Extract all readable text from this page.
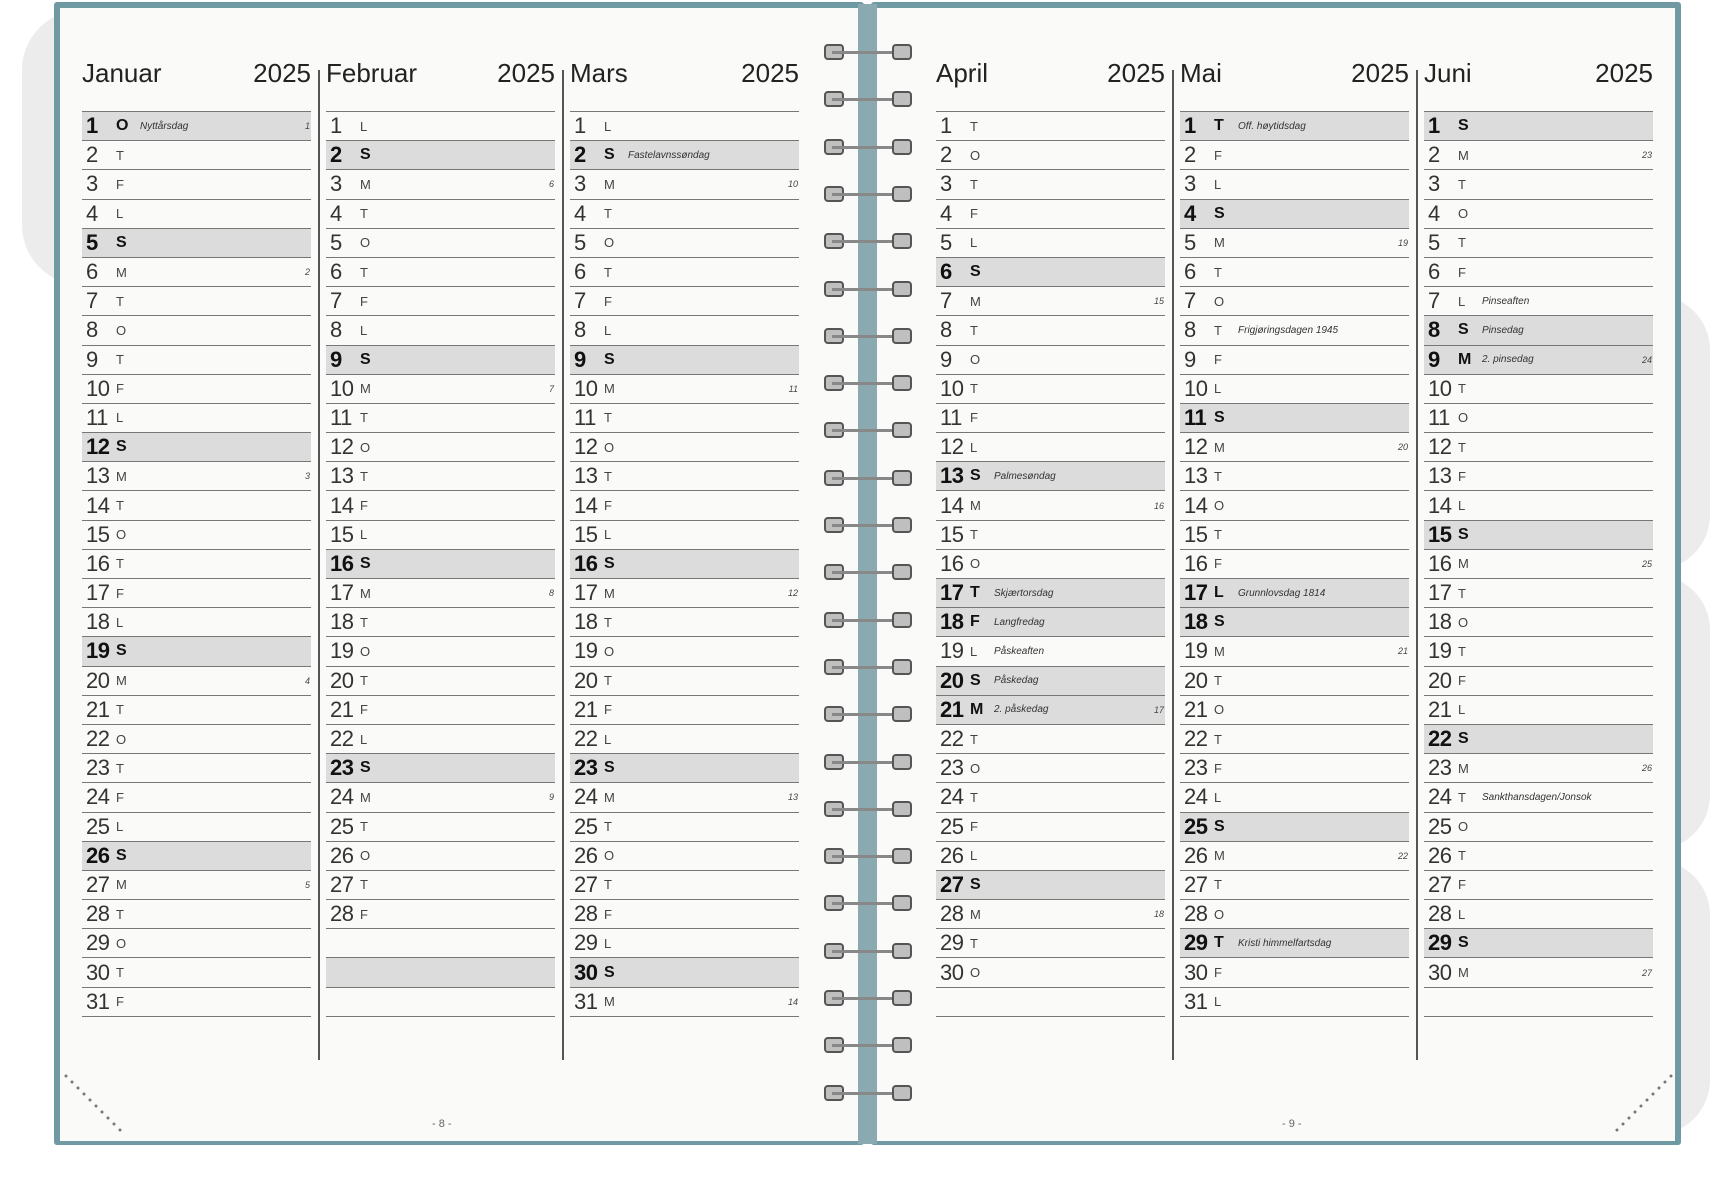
Januar	2025
1	O	Nyttårsdag	1
2	T
3	F
4	L
5	S
6	M	2
7	T
8	O
9	T
10 F
11 L
12 S
13 M	3
14 T
15 O
16 T
17 F
18 L
19 S
20 M	4
21 T
22 O
23 T
24 F
25 L
26 S
27 M	5
28 T
29 O
30 T
31 F
Februar	2025
1	L
2	S
3	M	6
4	T
5	O
6	T
7	F
8	L
9	S
10 M	7
11 T
12 O
13 T
14 F
15 L
16 S
17 M	8
18 T
19 O
20 T
21 F
22 L
23 S
24 M	9
25 T
26 O
27 T
28 F
Mars	2025
1	L
2	S	Fastelavnssøndag
3	M	10
4	T
5	O
6	T
7	F
8	L
9	S
10 M	11
11 T
12 O
13 T
14 F
15 L
16 S
17 M	12
18 T
19 O
20 T
21 F
22 L
23 S
24 M	13
25 T
26 O
27 T
28 F
29 L
30 S
31 M	14
- 8 -
April	2025
1	T
2	O
3	T
4	F
5	L
6	S
7	M	15
8	T
9	O
10 T
11 F
12 L
13 S	Palmesøndag
14 M	16
15 T
16 O
17 T	Skjærtorsdag
18 F	Langfredag
19 L	Påskeaften
20 S	Påskedag
21 M	2. påskedag	17
22 T
23 O
24 T
25 F
26 L
27 S
28 M	18
29 T
30 O
Mai	2025
1	T	Off. høytidsdag
2	F
3	L
4	S
5	M	19
6	T
7	O
8	T	Frigjøringsdagen 1945
9	F
10 L
11 S
12 M	20
13 T
14 O
15 T
16 F
17 L	Grunnlovsdag 1814
18 S
19 M	21
20 T
21 O
22 T
23 F
24 L
25 S
26 M	22
27 T
28 O
29 T	Kristi himmelfartsdag
30 F
31 L
Juni	2025
1	S
2	M	23
3	T
4	O
5	T
6	F
7	L	Pinseaften
8	S	Pinsedag
9	M	2. pinsedag	24
10 T
11 O
12 T
13 F
14 L
15 S
16 M	25
17 T
18 O
19 T
20 F
21 L
22 S
23 M	26
24 T	Sankthansdagen/Jonsok
25 O
26 T
27 F
28 L
29 S
30 M	27
- 9 -
